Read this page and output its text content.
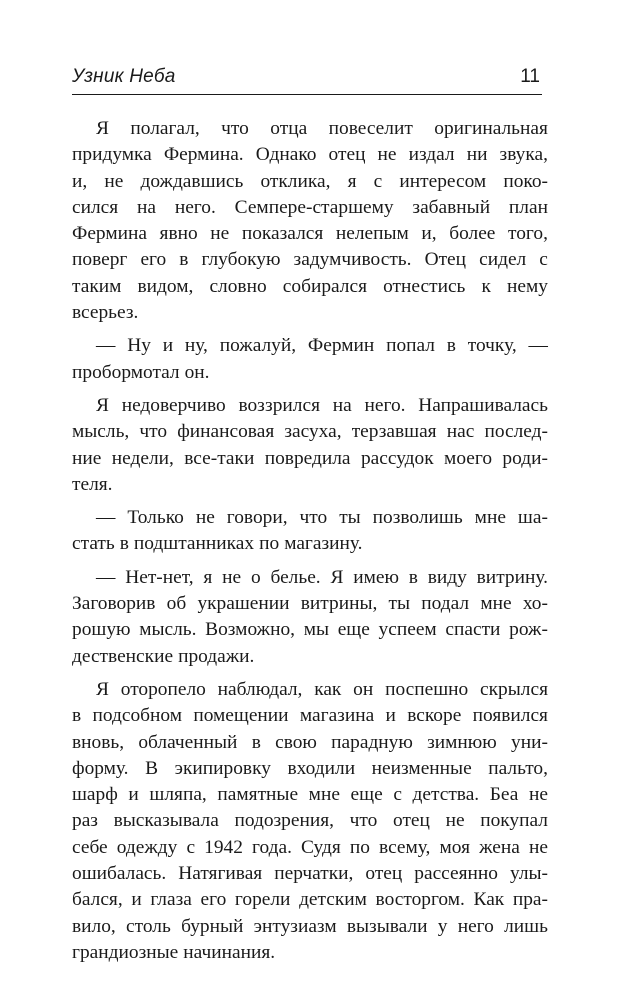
Узник Неба	11
Я полагал, что отца повеселит оригинальная
придумка Фермина. Однако отец не издал ни звука,
и, не дождавшись отклика, я с интересом поко-
сился на него. Семпере-старшему забавный план
Фермина явно не показался нелепым и, более того,
поверг его в глубокую задумчивость. Отец сидел с
таким видом, словно собирался отнестись к нему
всерьез.
— Ну и ну, пожалуй, Фермин попал в точку, —
пробормотал он.
Я недоверчиво воззрился на него. Напрашивалась
мысль, что финансовая засуха, терзавшая нас послед-
ние недели, все-таки повредила рассудок моего роди-
теля.
— Только не говори, что ты позволишь мне ша-
стать в подштанниках по магазину.
— Нет-нет, я не о белье. Я имею в виду витрину.
Заговорив об украшении витрины, ты подал мне хо-
рошую мысль. Возможно, мы еще успеем спасти рож-
дественские продажи.
Я оторопело наблюдал, как он поспешно скрылся
в подсобном помещении магазина и вскоре появился
вновь, облаченный в свою парадную зимнюю уни-
форму. В экипировку входили неизменные пальто,
шарф и шляпа, памятные мне еще с детства. Беа не
раз высказывала подозрения, что отец не покупал
себе одежду с 1942 года. Судя по всему, моя жена не
ошибалась. Натягивая перчатки, отец рассеянно улы-
бался, и глаза его горели детским восторгом. Как пра-
вило, столь бурный энтузиазм вызывали у него лишь
грандиозные начинания.
